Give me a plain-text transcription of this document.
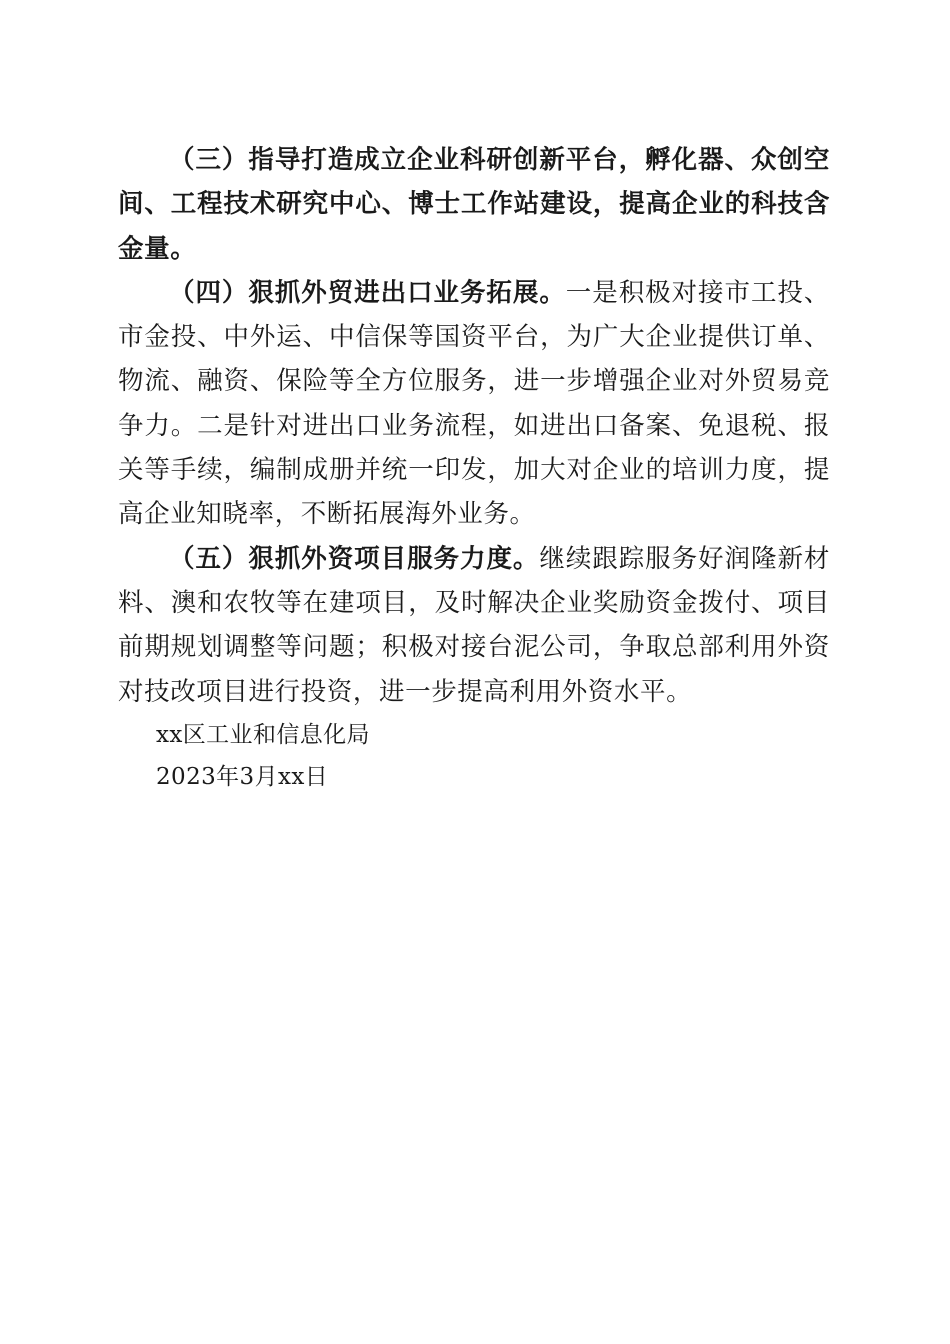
（三）指导打造成立企业科研创新平台，孵化器、众创空间、工程技术研究中心、博士工作站建设，提高企业的科技含金量。

（四）狠抓外贸进出口业务拓展。一是积极对接市工投、市金投、中外运、中信保等国资平台，为广大企业提供订单、物流、融资、保险等全方位服务，进一步增强企业对外贸易竞争力。二是针对进出口业务流程，如进出口备案、免退税、报关等手续，编制成册并统一印发，加大对企业的培训力度，提高企业知晓率，不断拓展海外业务。

（五）狠抓外资项目服务力度。继续跟踪服务好润隆新材料、澳和农牧等在建项目，及时解决企业奖励资金拨付、项目前期规划调整等问题；积极对接台泥公司，争取总部利用外资对技改项目进行投资，进一步提高利用外资水平。

xx区工业和信息化局

2023年3月xx日
